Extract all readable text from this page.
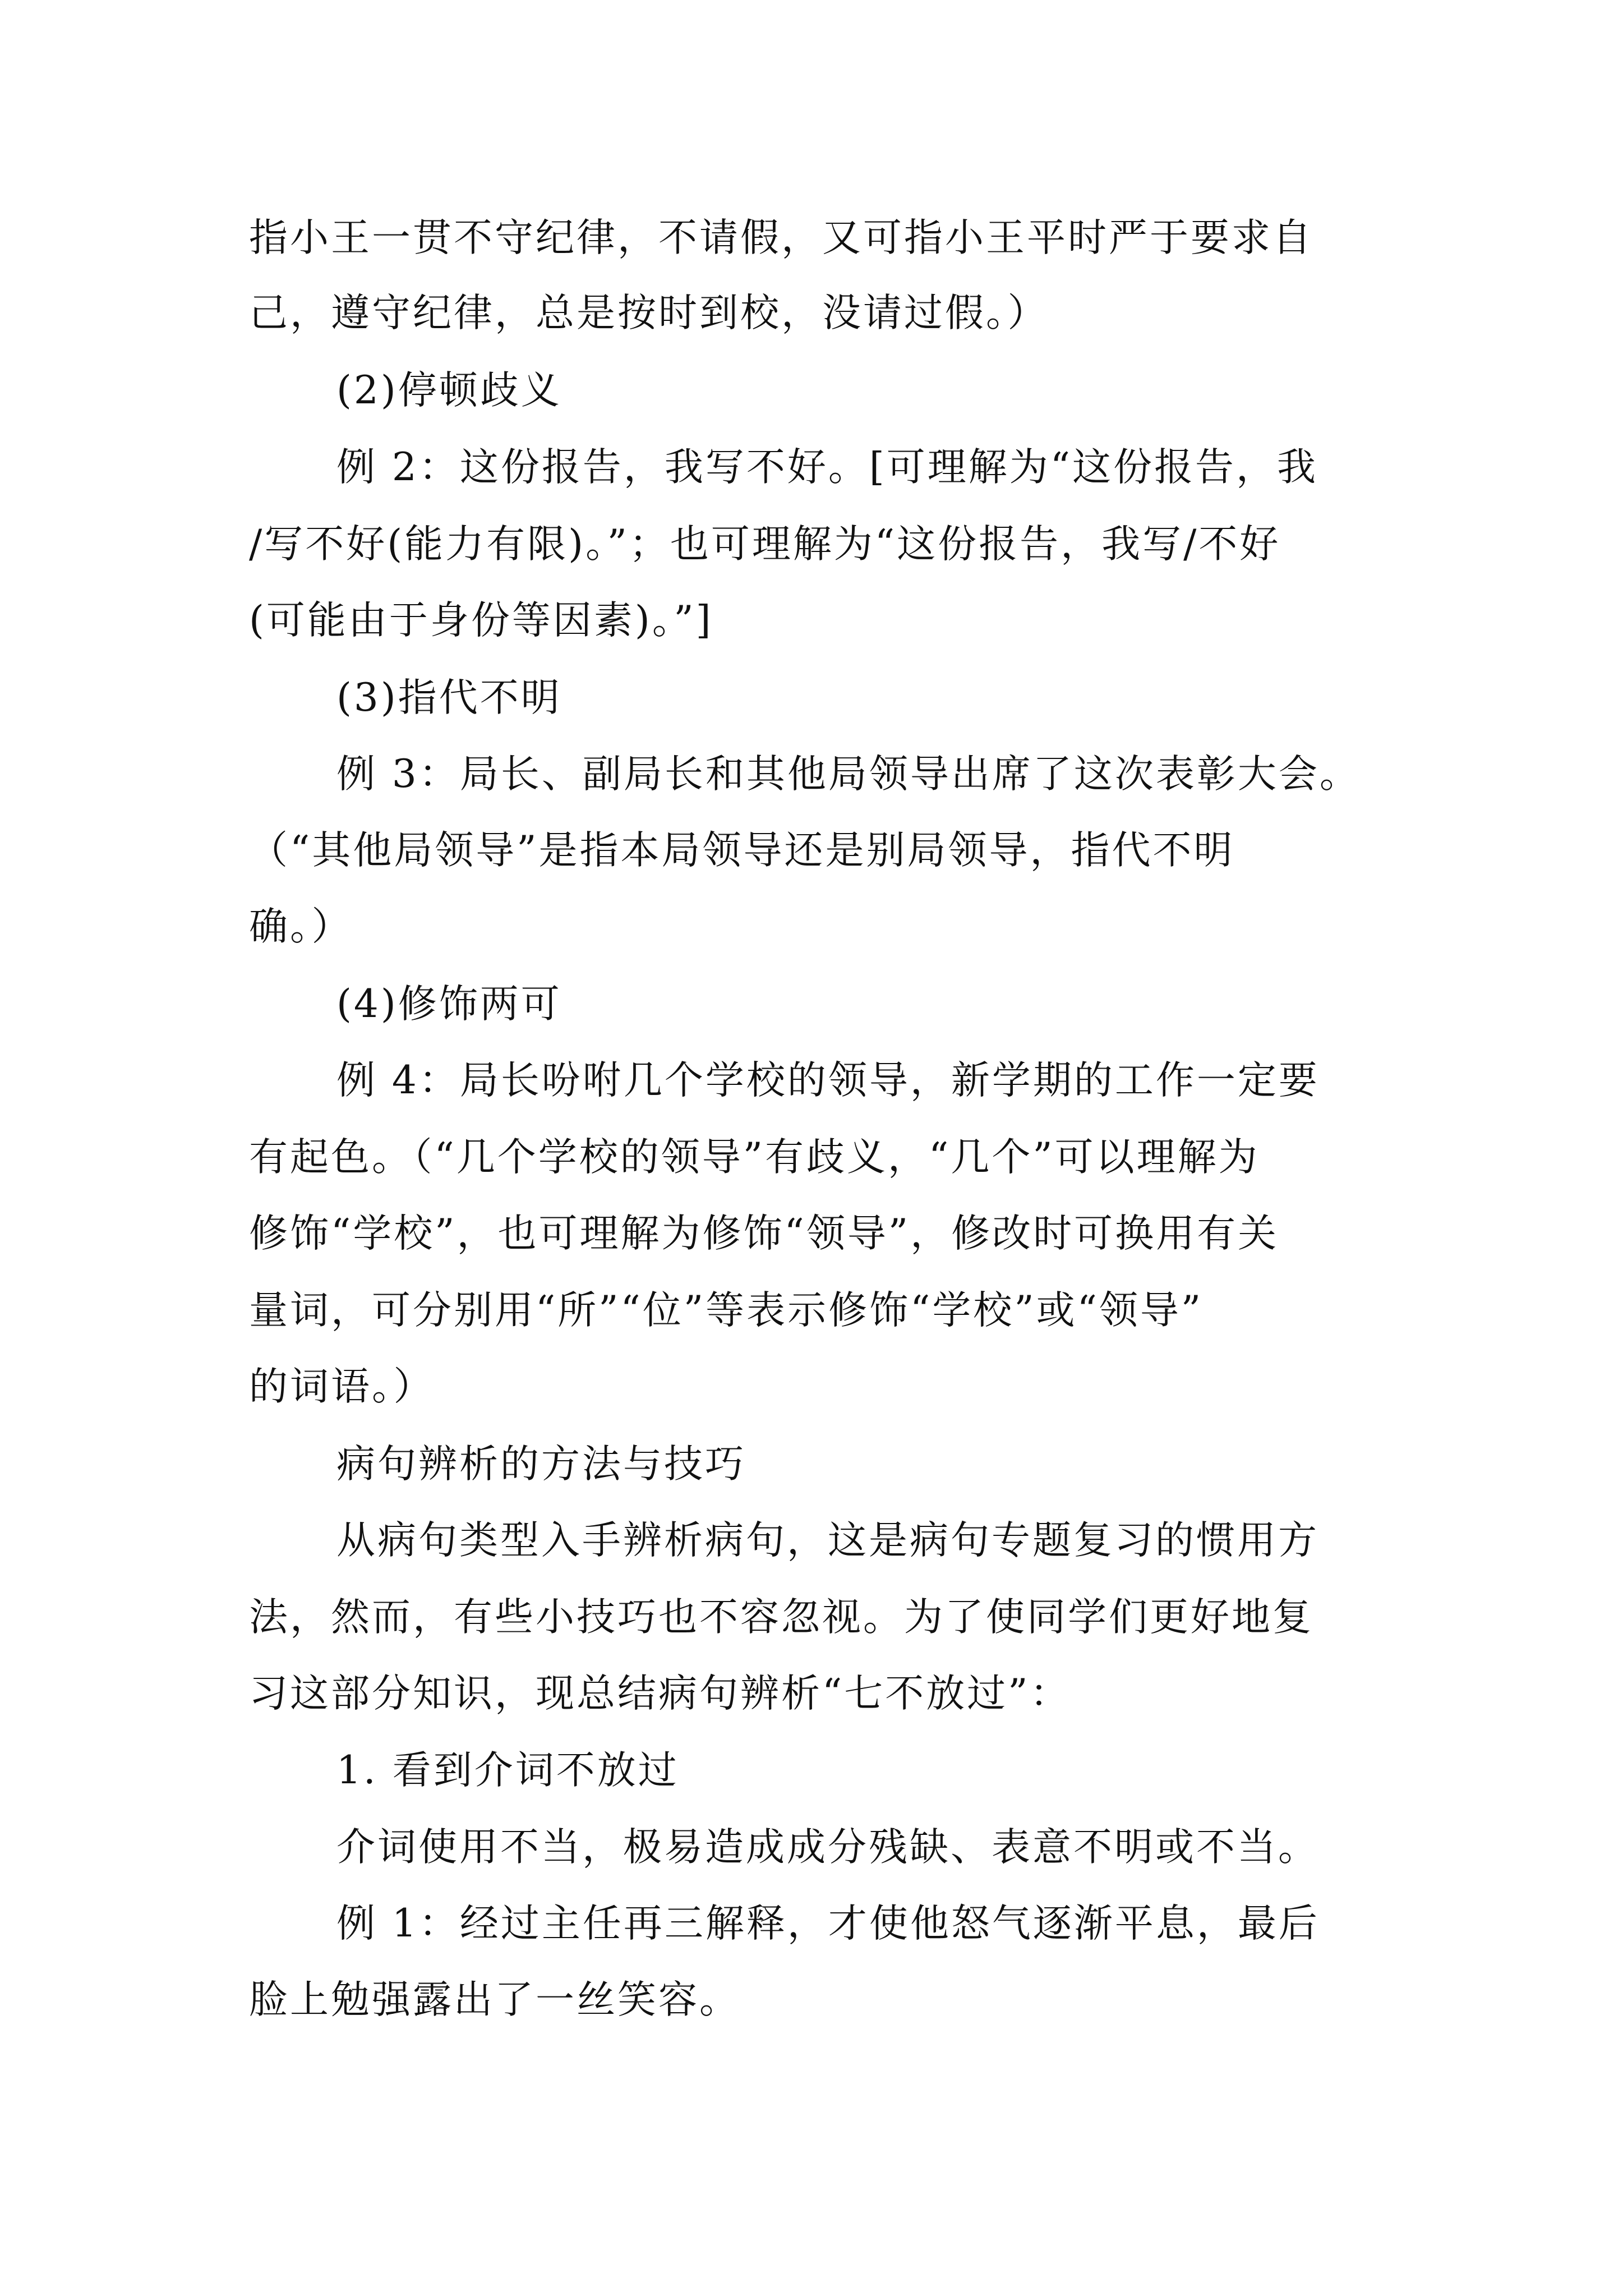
指小王一贯不守纪律，不请假，又可指小王平时严于要求自
己，遵守纪律，总是按时到校，没请过假。）
(2)停顿歧义
例 2：这份报告，我写不好。[可理解为“这份报告，我
/写不好(能力有限)。”；也可理解为“这份报告，我写/不好
(可能由于身份等因素)。”]
(3)指代不明
例 3：局长、副局长和其他局领导出席了这次表彰大会。
（“其他局领导”是指本局领导还是别局领导，指代不明
确。）
(4)修饰两可
例 4：局长吩咐几个学校的领导，新学期的工作一定要
有起色。（“几个学校的领导”有歧义，“几个”可以理解为
修饰“学校”，也可理解为修饰“领导”，修改时可换用有关
量词，可分别用“所”“位”等表示修饰“学校”或“领导”
的词语。）
病句辨析的方法与技巧
从病句类型入手辨析病句，这是病句专题复习的惯用方
法，然而，有些小技巧也不容忽视。为了使同学们更好地复
习这部分知识，现总结病句辨析“七不放过”：
1. 看到介词不放过
介词使用不当，极易造成成分残缺、表意不明或不当。
例 1：经过主任再三解释，才使他怒气逐渐平息，最后
脸上勉强露出了一丝笑容。
